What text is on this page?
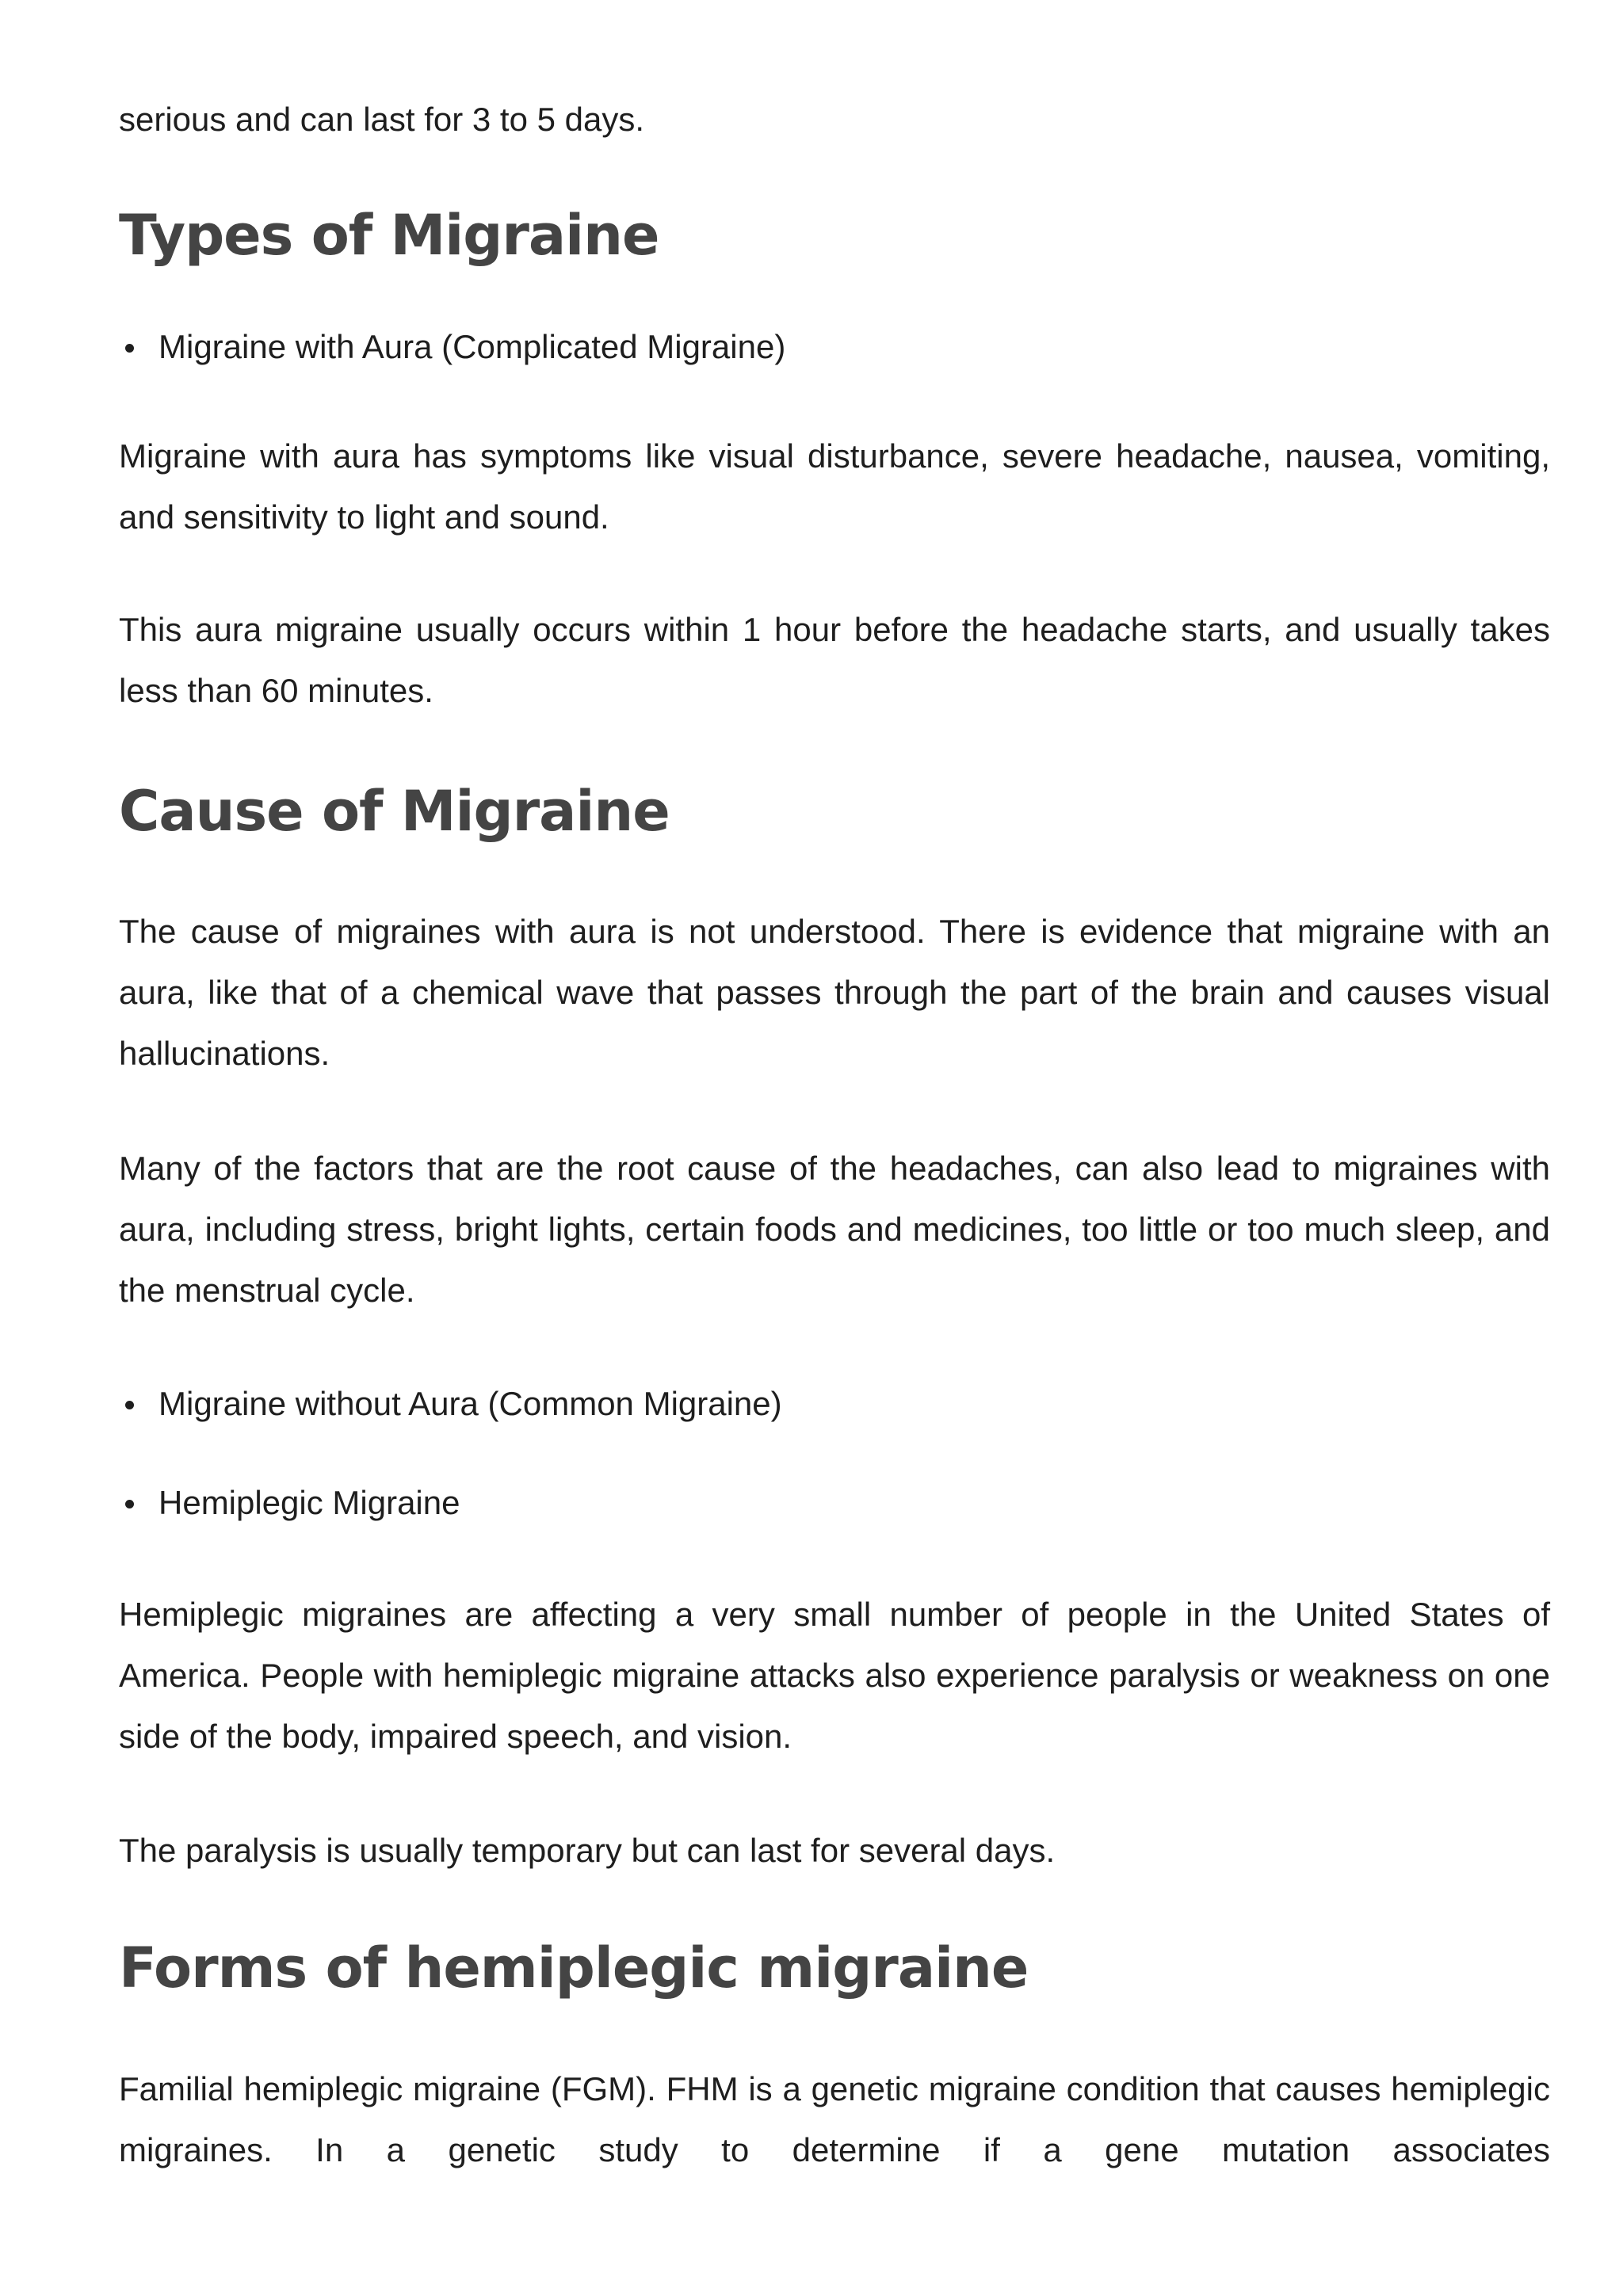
serious and can last for 3 to 5 days.

Types of Migraine
Migraine with Aura (Complicated Migraine)

Migraine with aura has symptoms like visual disturbance, severe headache, nausea, vomiting, and sensitivity to light and sound.

This aura migraine usually occurs within 1 hour before the headache starts, and usually takes less than 60 minutes.

Cause of Migraine

The cause of migraines with aura is not understood. There is evidence that migraine with an aura, like that of a chemical wave that passes through the part of the brain and causes visual hallucinations.

Many of the factors that are the root cause of the headaches, can also lead to migraines with aura, including stress, bright lights, certain foods and medicines, too little or too much sleep, and the menstrual cycle.

Migraine without Aura (Common Migraine)
Hemiplegic Migraine

Hemiplegic migraines are affecting a very small number of people in the United States of America. People with hemiplegic migraine attacks also experience paralysis or weakness on one side of the body, impaired speech, and vision.

The paralysis is usually temporary but can last for several days.

Forms of hemiplegic migraine

Familial hemiplegic migraine (FGM). FHM is a genetic migraine condition that causes hemiplegic migraines. In a genetic study to determine if a gene mutation associates
